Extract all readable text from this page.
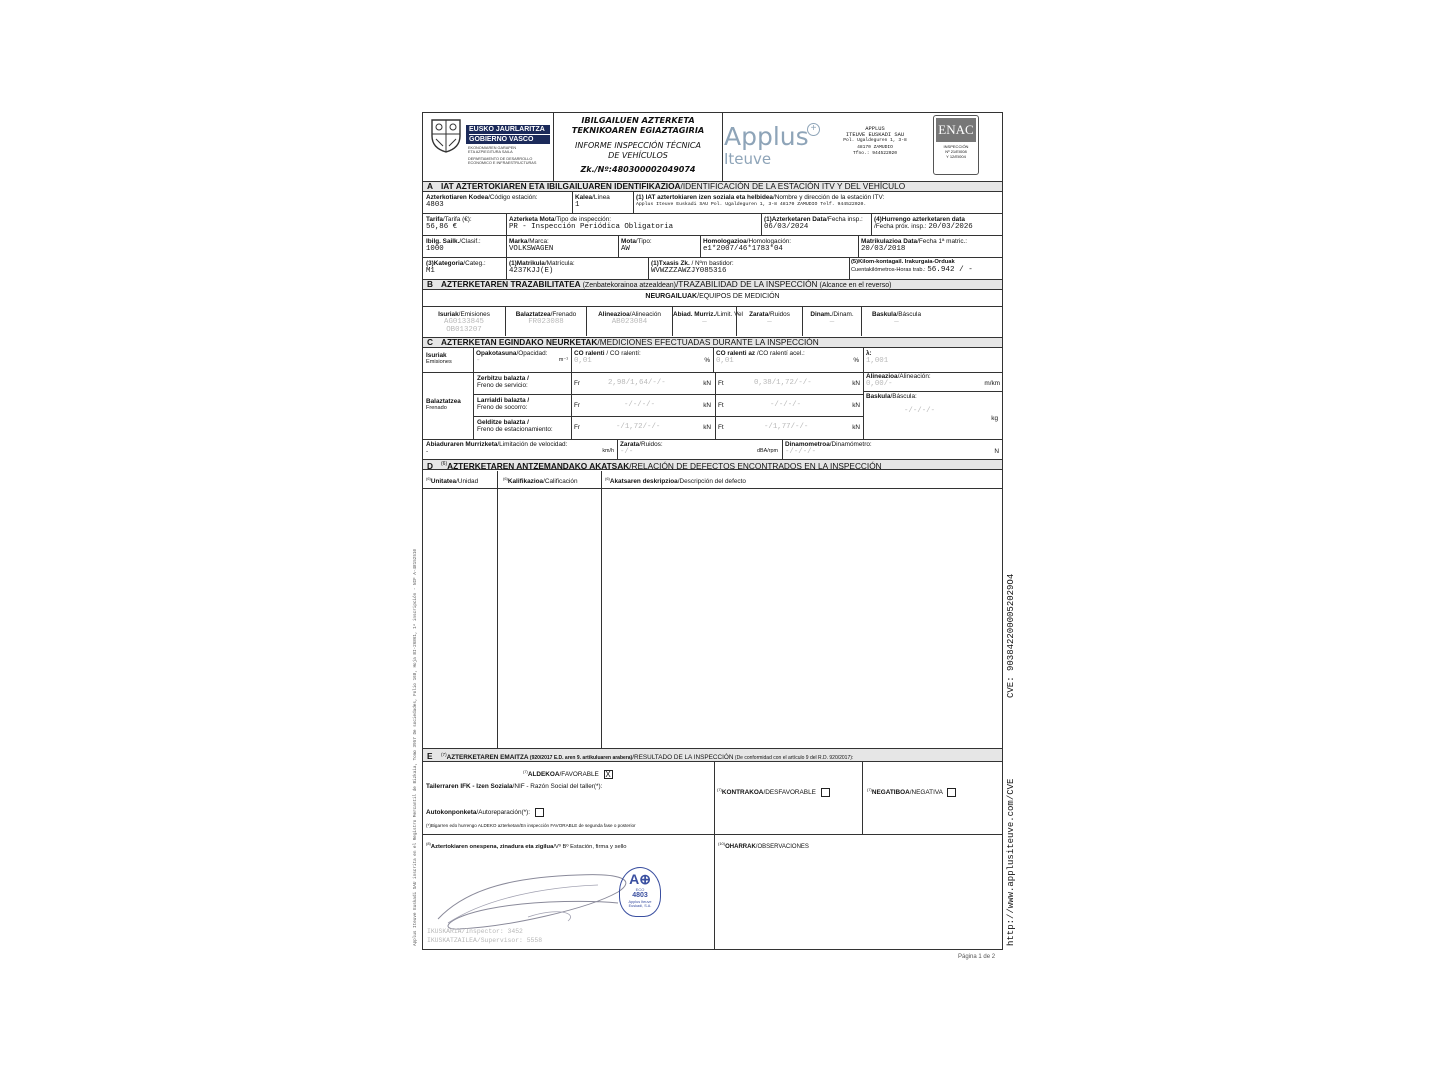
EUSKO JAURLARITZA
GOBIERNO VASCO
EKONOMIAREN GARAPEN
ETA AZPIEGITURA SAILA
DEPARTAMENTO DE DESARROLLO
ECONOMICO E INFRAESTRUCTURAS
IBILGAILUEN AZTERKETA
TEKNIKOAREN EGIAZTAGIRIA
INFORME INSPECCIÓN TÉCNICA
DE VEHÍCULOS
Zk./Nº:480300002049074
Applus +
Iteuve
APPLUS
ITEUVE EUSKADI SAU
Pol. Ugaldeguren 1, 3-8
48170 ZAMUDIO
Tfno.: 944522020
ENAC
INSPECCIÓN
Nº 21/EI008
Y 12/EI004
A IAT AZTERTOKIAREN ETA IBILGAILUAREN IDENTIFIKAZIOA/IDENTIFICACIÓN DE LA ESTACIÓN ITV Y DEL VEHÍCULO
Azterkotiaren Kodea/Código estación:
4803
Kalea/Línea
1
(1) IAT aztertokiaren izen soziala eta helbidea/Nombre y dirección de la estación ITV:
Applus Iteuve Euskadi SAU Pol. Ugaldeguren 1, 3-8 48170 ZAMUDIO Telf. 944522020.
Tarifa/Tarifa (€):
56,86 €
Azterketa Mota/Tipo de inspección:
PR - Inspección Periódica Obligatoria
(1)Azterketaren Data/Fecha insp.:
06/03/2024
(4)Hurrengo azterketaren data
/Fecha próx. insp.: 20/03/2026
Ibilg. Sailk./Clasif.:
1000
Marka/Marca:
VOLKSWAGEN
Mota/Tipo:
AW
Homologazioa/Homologación:
e1*2007/46*1783*04
Matrikulazioa Data/Fecha 1ª matric.:
20/03/2018
(3)Kategoria/Categ.:
M1
(1)Matrikula/Matrícula:
4237KJJ(E)
(1)Txasis Zk. / Nºm bastidor:
WVWZZZAWZJY085316
(5)Kilom-kontagail. Irakurgaia-Orduak
Cuentakilómetros-Horas trab.: 56.942 / -
B AZTERKETAREN TRAZABILITATEA (Zenbatekorainoa atzealdean)/TRAZABILIDAD DE LA INSPECCIÓN (Alcance en el reverso)
NEURGAILUAK/EQUIPOS DE MEDICIÓN
Isuriak/Emisiones
AG0133845
OB013207
Balaztatzea/Frenado
FR023088
Alineazioa/Alineación
AB023084
Abiad. Murriz./Limit. Vel
—
Zarata/Ruidos
—
Dinam./Dinam.
—
Baskula/Báscula
—
C AZTERKETAN EGINDAKO NEURKETAK/MEDICIONES EFECTUADAS DURANTE LA INSPECCIÓN
Isuriak
Emisiones
Opakotasuna/Opacidad:
-	m⁻¹
CO ralenti / CO ralentí:
0,01	%
CO ralenti az /CO ralentí acel.:
0,01	%
λ:
1,001
Balaztatzea
Frenado
Zerbitzu balazta /
Freno de servicio:	Fr	2,98/1,64/-/-	kN Ft	0,38/1,72/-/-	kN
Larrialdi balazta /
Freno de socorro:	Fr	-/-/-/-	kN Ft	-/-/-/-	kN
Gelditze balazta /
Freno de estacionamiento:	Fr	-/1,72/-/-	kN Ft	-/1,77/-/-	kN
Alineazioa/Alineación:
0,00/-	m/km
Baskula/Báscula:
-/-/-/-
kg
Abiaduraren Murrizketa/Limitación de velocidad:
-	km/h
Zarata/Ruidos:
-/-	dBA/rpm
Dinamometroa/Dinamómetro:
-/-/-/-	N
D $^{(6)}$AZTERKETAREN ANTZEMANDAKO AKATSAK/RELACIÓN DE DEFECTOS ENCONTRADOS EN LA INSPECCIÓN
$^{(6)}$Unitatea/Unidad	$^{(6)}$Kalifikazioa/Calificación	$^{(6)}$Akatsaren deskripzioa/Descripción del defecto
E $^{(7)}$AZTERKETAREN EMAITZA (920/2017 E.D. aren 9. artikuluaren arabera)/RESULTADO DE LA INSPECCIÓN (De conformidad con el artículo 9 del R.D. 920/2017):
$^{(7)}$ALDEKOA/FAVORABLE X
Tailerraren IFK - Izen Soziala/NIF - Razón Social del taller(*):
Autokonponketa/Autoreparación(*):
(*)Bigarren edo hurrengo ALDEKO azterketan/En inspección FAVORABLE de segunda fase o posterior
$^{(7)}$KONTRAKOA/DESFAVORABLE	$^{(7)}$NEGATIBOA/NEGATIVA
$^{(8)}$Aztertokiaren onespena, zinadura eta zigilua/Vº Bº Estación, firma y sello
A⊕
ECO
4803
Applus Iteuve
Euskadi, S.A.
IKUSKARIA/Inspector: 3452
IKUSKATZAILEA/Supervisor: 5558
$^{(10)}$OHARRAK/OBSERVACIONES
Página 1 de 2
CVE: 9038422000052029O4
http://www.applusiteuve.com/CVE
Applus Iteuve Euskadi SAU inscrita en el Registro Mercantil de Bizkaia, Tomo 3957 De sociedades, Folio 168, Hoja BI-26861, 1ª inscripción - NIF A-48152510
